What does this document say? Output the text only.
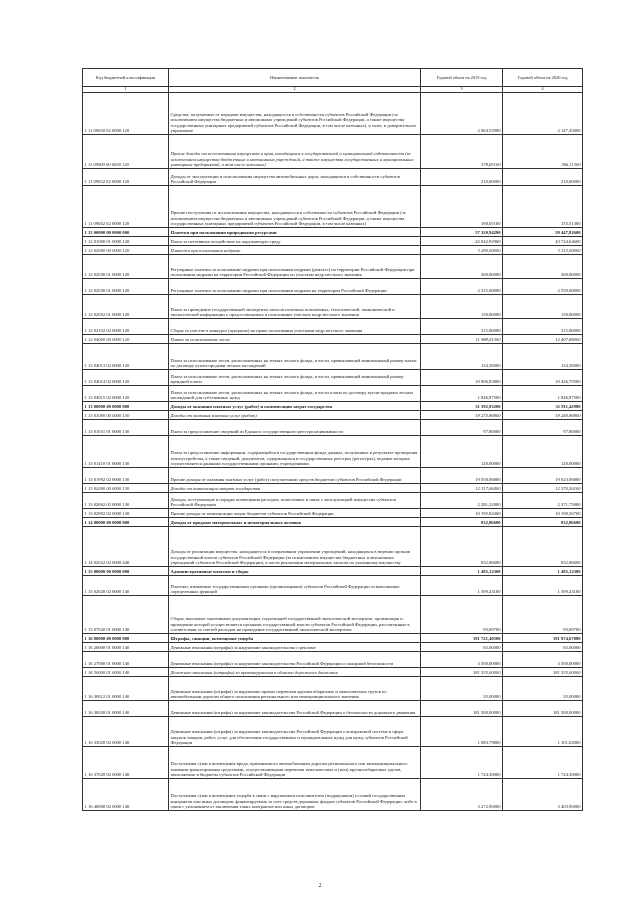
Код бюджетной классификации	Наименование показателя	Годовой объем на 2019 год	Годовой объем на 2020 год
1	2	3	4
1 11 09030 02 0000 120	Средства, получаемые от передачи имущества, находящегося в собственности субъектов Российской Федерации (за исключением имущества бюджетных и автономных учреждений субъектов Российской Федерации, а также имущества государственных унитарных предприятий субъектов Российской Федерации, в том числе казенных), в залог, в доверительное управление	2 064,53900	2 147,45000
1 11 09000 00 0000 120	Прочие доходы от использования имущества и прав, находящихся в государственной и муниципальной собственности (за исключением имущества бюджетных и автономных учреждений, а также имущества государственных и муниципальных унитарных предприятий, в том числе казенных)	378,65100	366,11300
1 11 09032 02 0000 120	Доходы от эксплуатации и использования имущества автомобильных дорог, находящихся в собственности субъектов Российской Федерации	210,60000	210,60000
1 11 09042 02 0000 120	Прочие поступления от использования имущества, находящегося в собственности субъектов Российской Федерации (за исключением имущества бюджетных и автономных учреждений субъектов Российской Федерации, а также имущества государственных унитарных предприятий субъектов Российской Федерации, в том числе казенных)	168,05100	155,51300
1 12 00000 00 0000 000	Платежи при пользовании природными ресурсами	57 320,94290	59 447,82600
1 12 01000 01 0000 120	Плата за негативное воздействие на окружающую среду	42 042,92900	43 724,64600
1 12 02000 00 0000 120	Платежи при пользовании недрами	3 290,00000	3 315,00000
1 12 02030 01 0000 120	Регулярные платежи за пользование недрами при пользовании недрами (ренталс) на территории Российской Федерации при пользовании недрами на территории Российской Федерации по участкам недр местного значения	300,00000	300,00000
1 12 02030 01 0000 120	Регулярные платежи за пользование недрами при пользовании недрами на территории Российской Федерации	2 525,00000	2 550,00000
1 12 02052 01 0000 120	Плата за проведение государственной экспертизы запасов полезных ископаемых, геологической, экономической и экологической информации о предоставляемых в пользование участках недр местного значения	150,00000	150,00000
1 12 02102 02 0000 120	Сборы за участие в конкурсе (аукционе) на право пользования участками недр местного значения	315,00000	315,00000
1 12 04000 00 0000 120	Плата за использование лесов	11 988,01300	12 407,88000
1 12 04013 02 0000 120	Плата за использование лесов, расположенных на землях лесного фонда, в части, превышающей минимальный размер платы по договору купли-продажи лесных насаждений	134,30000	134,30000
1 12 04014 02 0000 120	Плата за использование лесов, расположенных на землях лесного фонда, в части, превышающей минимальный размер арендной платы	10 006,83800	10 426,70500
1 12 04015 02 0000 120	Плата за использование лесов, расположенных на землях лесного фонда, в части платы по договору купли-продажи лесных насаждений для собственных нужд	1 846,87500	1 846,87500
1 13 00000 00 0000 000	Доходы от оказания платных услуг (работ) и компенсации затрат государства	31 592,93200	31 811,42900
1 13 01000 00 0000 130	Доходы от оказания платных услуг (работ)	19 275,86800	19 240,86800
1 13 01031 01 0000 130	Плата за предоставление сведений из Единого государственного реестра недвижимости	97,80000	97,80000
1 13 01410 01 0000 130	Плата за предоставление информации, содержащейся в государственном фонде данных, полученных в результате проведения землеустройства, а также сведений, документов, содержащихся в государственных реестрах (регистрах), ведение которых осуществляется данными государственными органами, учреждениями	120,00000	120,00000
1 13 01992 02 0000 130	Прочие доходы от оказания платных услуг (работ) получателями средств бюджетов субъектов Российской Федерации	19 058,06800	19 023,06800
1 13 02000 00 0000 130	Доходы от компенсации затрат государства	12 317,06400	12 570,56100
1 13 02062 02 0000 130	Доходы, поступающие в порядке возмещения расходов, понесенных в связи с эксплуатацией имущества субъектов Российской Федерации	2 281,22000	2 371,75000
1 13 02992 02 0000 130	Прочие доходы от компенсации затрат бюджетов субъектов Российской Федерации	10 195,84400	10 198,56700
1 14 00000 00 0000 000	Доходы от продажи материальных и нематериальных активов	832,86600	832,86600
1 14 02022 02 0000 440	Доходы от реализации имущества, находящегося в оперативном управлении учреждений, находящихся в ведении органов государственной власти субъектов Российской Федерации (за исключением имущества бюджетных и автономных учреждений субъектов Российской Федерации), в части реализации материальных запасов по указанному имуществу	832,86600	832,86600
1 15 00000 00 0000 000	Административные платежи и сборы	1 495,12300	1 495,12300
1 15 02020 02 0000 140	Платежи, взимаемые государственными органами (организациями) субъектов Российской Федерации за выполнение определенных функций	1 399,43100	1 399,43100
1 15 07020 01 0000 140	Сборы, вносимые заказчиками документации, подлежащей государственной экологической экспертизе, организация и проведение которой осуществляется органами государственной власти субъектов Российской Федерации, рассчитанные в соответствии со сметой расходов на проведение государственной экологической экспертизы	95,69700	95,69700
1 16 00000 00 0000 000	Штрафы, санкции, возмещение ущерба	191 721,40500	191 874,67000
1 16 26000 01 0000 140	Денежные взыскания (штрафы) за нарушение законодательства о рекламе	65,00000	65,00000
1 16 27000 01 0000 140	Денежные взыскания (штрафы) за нарушение законодательства Российской Федерации о пожарной безопасности	3 500,00000	3 500,00000
1 16 30000 01 0000 140	Денежные взыскания (штрафы) за правонарушения в области дорожного движения	181 535,00000	181 535,00000
1 16 30012 01 0000 140	Денежные взыскания (штрафы) за нарушение правил перевозки крупногабаритных и тяжеловесных грузов по автомобильным дорогам общего пользования регионального или межмуниципального значения	35,00000	35,00000
1 16 30020 01 0000 140	Денежные взыскания (штрафы) за нарушение законодательства Российской Федерации о безопасности дорожного движения	181 500,00000	181 500,00000
1 16 33020 02 0000 140	Денежные взыскания (штрафы) за нарушение законодательства Российской Федерации о контрактной системе в сфере закупок товаров, работ, услуг для обеспечения государственных и муниципальных нужд для нужд субъектов Российской Федерации	1 083,79800	1 101,02000
1 16 37020 02 0000 140	Поступления сумм в возмещение вреда, причиняемого автомобильным дорогам регионального или межмуниципального значения транспортными средствами, осуществляющими перевозки тяжеловесных и (или) крупногабаритных грузов, зачисляемые в бюджеты субъектов Российской Федерации	1 724,30000	1 724,30000
1 16 46000 02 0000 140	Поступления сумм в возмещение ущерба в связи с нарушением исполнителем (подрядчиком) условий государственных контрактов или иных договоров, финансируемых за счет средств дорожных фондов субъектов Российской Федерации, либо в связи с уклонением от заключения таких контрактов или иных договоров	3 272,90000	3 403,90000
2
